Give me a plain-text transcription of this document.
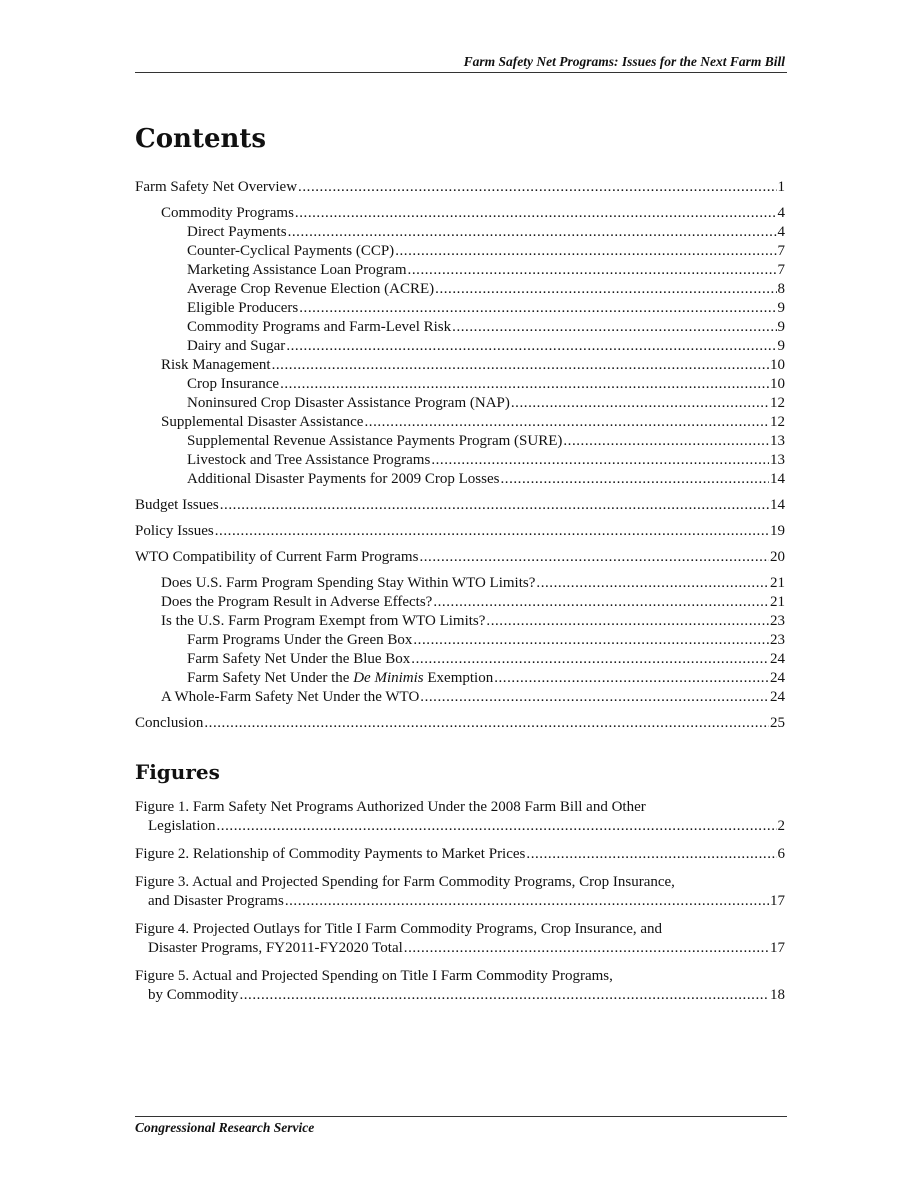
Farm Safety Net Programs: Issues for the Next Farm Bill
Contents
Farm Safety Net Overview . . .	1
Commodity Programs . . .	4
Direct Payments . . .	4
Counter-Cyclical Payments (CCP) . . .	7
Marketing Assistance Loan Program . . .	7
Average Crop Revenue Election (ACRE) . . .	8
Eligible Producers . . .	9
Commodity Programs and Farm-Level Risk . . .	9
Dairy and Sugar . . .	9
Risk Management . . .	10
Crop Insurance . . .	10
Noninsured Crop Disaster Assistance Program (NAP) . . .	12
Supplemental Disaster Assistance . . .	12
Supplemental Revenue Assistance Payments Program (SURE) . . .	13
Livestock and Tree Assistance Programs . . .	13
Additional Disaster Payments for 2009 Crop Losses . . .	14
Budget Issues . . .	14
Policy Issues . . .	19
WTO Compatibility of Current Farm Programs . . .	20
Does U.S. Farm Program Spending Stay Within WTO Limits? . . .	21
Does the Program Result in Adverse Effects? . . .	21
Is the U.S. Farm Program Exempt from WTO Limits? . . .	23
Farm Programs Under the Green Box . . .	23
Farm Safety Net Under the Blue Box . . .	24
Farm Safety Net Under the De Minimis Exemption . . .	24
A Whole-Farm Safety Net Under the WTO . . .	24
Conclusion . . .	25
Figures
Figure 1. Farm Safety Net Programs Authorized Under the 2008 Farm Bill and Other
Legislation . . .	2
Figure 2. Relationship of Commodity Payments to Market Prices . . .	6
Figure 3. Actual and Projected Spending for Farm Commodity Programs, Crop Insurance,
and Disaster Programs . . .	17
Figure 4. Projected Outlays for Title I Farm Commodity Programs, Crop Insurance, and
Disaster Programs, FY2011-FY2020 Total . . .	17
Figure 5. Actual and Projected Spending on Title I Farm Commodity Programs,
by Commodity . . .	18
Congressional Research Service
